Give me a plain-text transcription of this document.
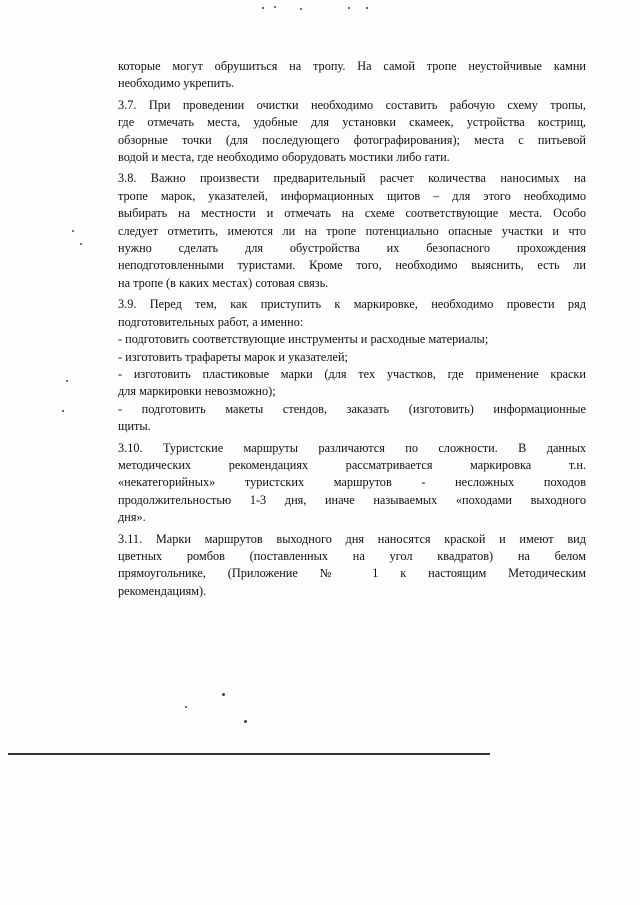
которые могут обрушиться на тропу. На самой тропе неустойчивые камни
необходимо укрепить.
3.7. При проведении очистки необходимо составить рабочую схему тропы,
где отмечать места, удобные для установки скамеек, устройства кострищ,
обзорные точки (для последующего фотографирования); места с питьевой
водой и места, где необходимо оборудовать мостики либо гати.
3.8. Важно произвести предварительный расчет количества наносимых на
тропе марок, указателей, информационных щитов – для этого необходимо
выбирать на местности и отмечать на схеме соответствующие места. Особо
следует отметить, имеются ли на тропе потенциально опасные участки и что
нужно сделать для обустройства их безопасного прохождения
неподготовленными туристами. Кроме того, необходимо выяснить, есть ли
на тропе (в каких местах) сотовая связь.
3.9. Перед тем, как приступить к маркировке, необходимо провести ряд
подготовительных работ, а именно:
- подготовить соответствующие инструменты и расходные материалы;
- изготовить трафареты марок и указателей;
- изготовить пластиковые марки (для тех участков, где применение краски
для маркировки невозможно);
- подготовить макеты стендов, заказать (изготовить) информационные
щиты.
3.10. Туристские маршруты различаются по сложности. В данных
методических рекомендациях рассматривается маркировка т.н.
«некатегорийных» туристских маршрутов - несложных походов
продолжительностью 1-3 дня, иначе называемых «походами выходного
дня».
3.11. Марки маршрутов выходного дня наносятся краской и имеют вид
цветных ромбов (поставленных на угол квадратов) на белом
прямоугольнике, (Приложение № 1 к настоящим Методическим
рекомендациям).
